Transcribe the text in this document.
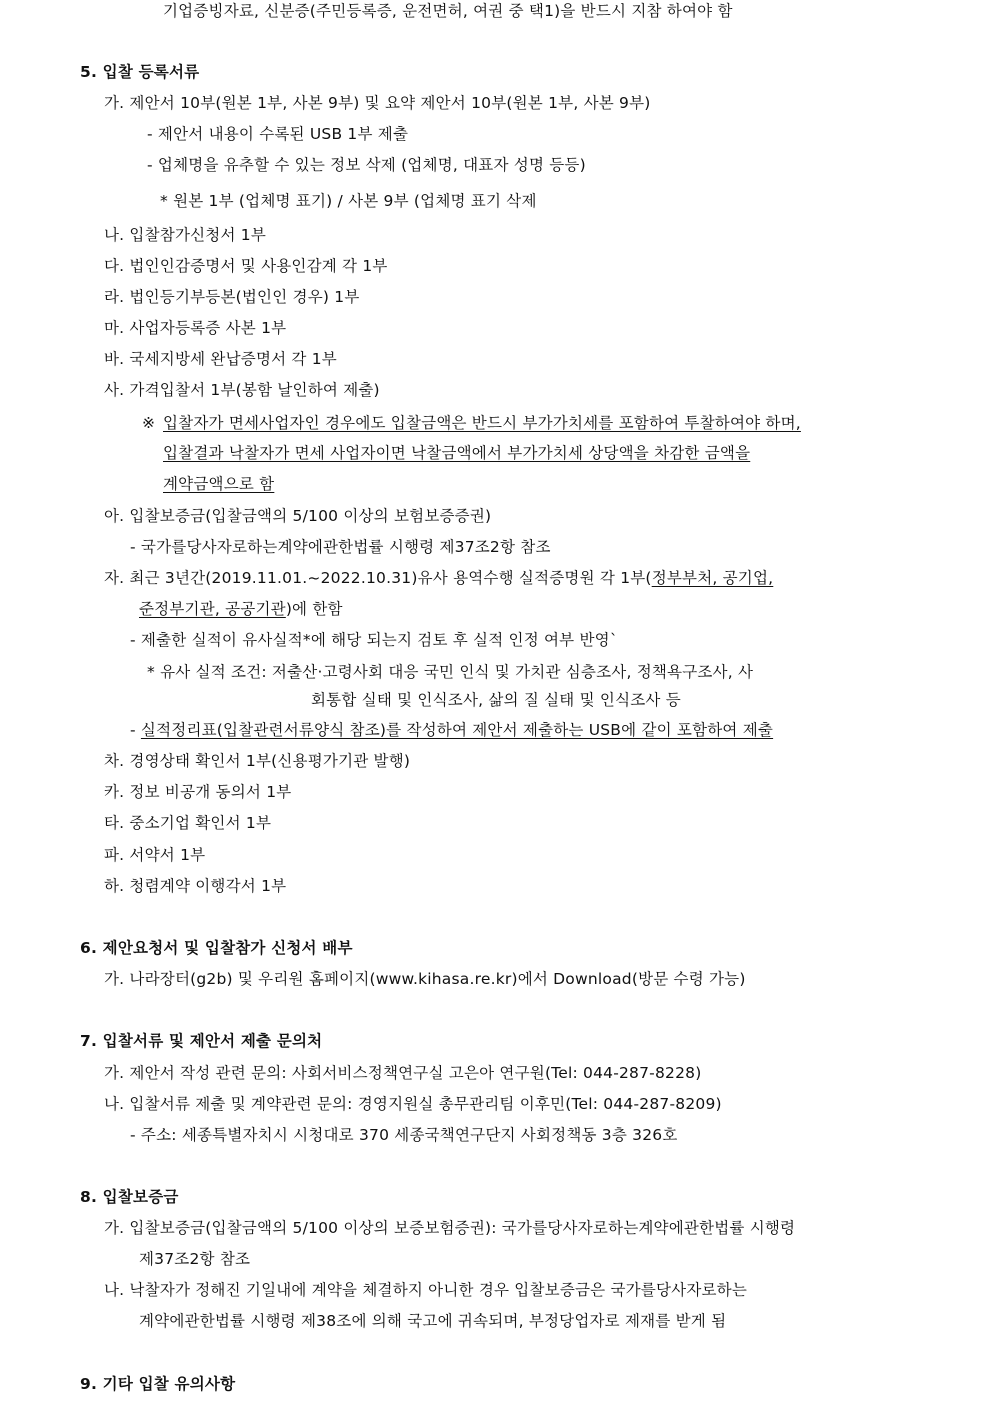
기업증빙자료, 신분증(주민등록증, 운전면허, 여권 중 택1)을 반드시 지참 하여야 함
5. 입찰 등록서류
가. 제안서 10부(원본 1부, 사본 9부) 및 요약 제안서 10부(원본 1부, 사본 9부)
- 제안서 내용이 수록된 USB 1부 제출
- 업체명을 유추할 수 있는 정보 삭제 (업체명, 대표자 성명 등등)
* 원본 1부 (업체명 표기) / 사본 9부 (업체명 표기 삭제
나. 입찰참가신청서 1부
다. 법인인감증명서 및 사용인감계 각 1부
라. 법인등기부등본(법인인 경우) 1부
마. 사업자등록증 사본 1부
바. 국세지방세 완납증명서 각 1부
사. 가격입찰서 1부(봉함 날인하여 제출)
※ 입찰자가 면세사업자인 경우에도 입찰금액은 반드시 부가가치세를 포함하여 투찰하여야 하며,
입찰결과 낙찰자가 면세 사업자이면 낙찰금액에서 부가가치세 상당액을 차감한 금액을
계약금액으로 함
아. 입찰보증금(입찰금액의 5/100 이상의 보험보증증권)
- 국가를당사자로하는계약에관한법률 시행령 제37조2항 참조
자. 최근 3년간(2019.11.01.~2022.10.31)유사 용역수행 실적증명원 각 1부(정부부처, 공기업,
준정부기관, 공공기관)에 한함
- 제출한 실적이 유사실적*에 해당 되는지 검토 후 실적 인정 여부 반영`
* 유사 실적 조건: 저출산·고령사회 대응 국민 인식 및 가치관 심층조사, 정책욕구조사, 사
회통합 실태 및 인식조사, 삶의 질 실태 및 인식조사 등
- 실적정리표(입찰관련서류양식 참조)를 작성하여 제안서 제출하는 USB에 같이 포함하여 제출
차. 경영상태 확인서 1부(신용평가기관 발행)
카. 정보 비공개 동의서 1부
타. 중소기업 확인서 1부
파. 서약서 1부
하. 청렴계약 이행각서 1부
6. 제안요청서 및 입찰참가 신청서 배부
가. 나라장터(g2b) 및 우리원 홈페이지(www.kihasa.re.kr)에서 Download(방문 수령 가능)
7. 입찰서류 및 제안서 제출 문의처
가. 제안서 작성 관련 문의: 사회서비스정책연구실 고은아 연구원(Tel: 044-287-8228)
나. 입찰서류 제출 및 계약관련 문의: 경영지원실 총무관리팀 이후민(Tel: 044-287-8209)
- 주소: 세종특별자치시 시청대로 370 세종국책연구단지 사회정책동 3층 326호
8. 입찰보증금
가. 입찰보증금(입찰금액의 5/100 이상의 보증보험증권): 국가를당사자로하는계약에관한법률 시행령
제37조2항 참조
나. 낙찰자가 정해진 기일내에 계약을 체결하지 아니한 경우 입찰보증금은 국가를당사자로하는
계약에관한법률 시행령 제38조에 의해 국고에 귀속되며, 부정당업자로 제재를 받게 됨
9. 기타 입찰 유의사항
